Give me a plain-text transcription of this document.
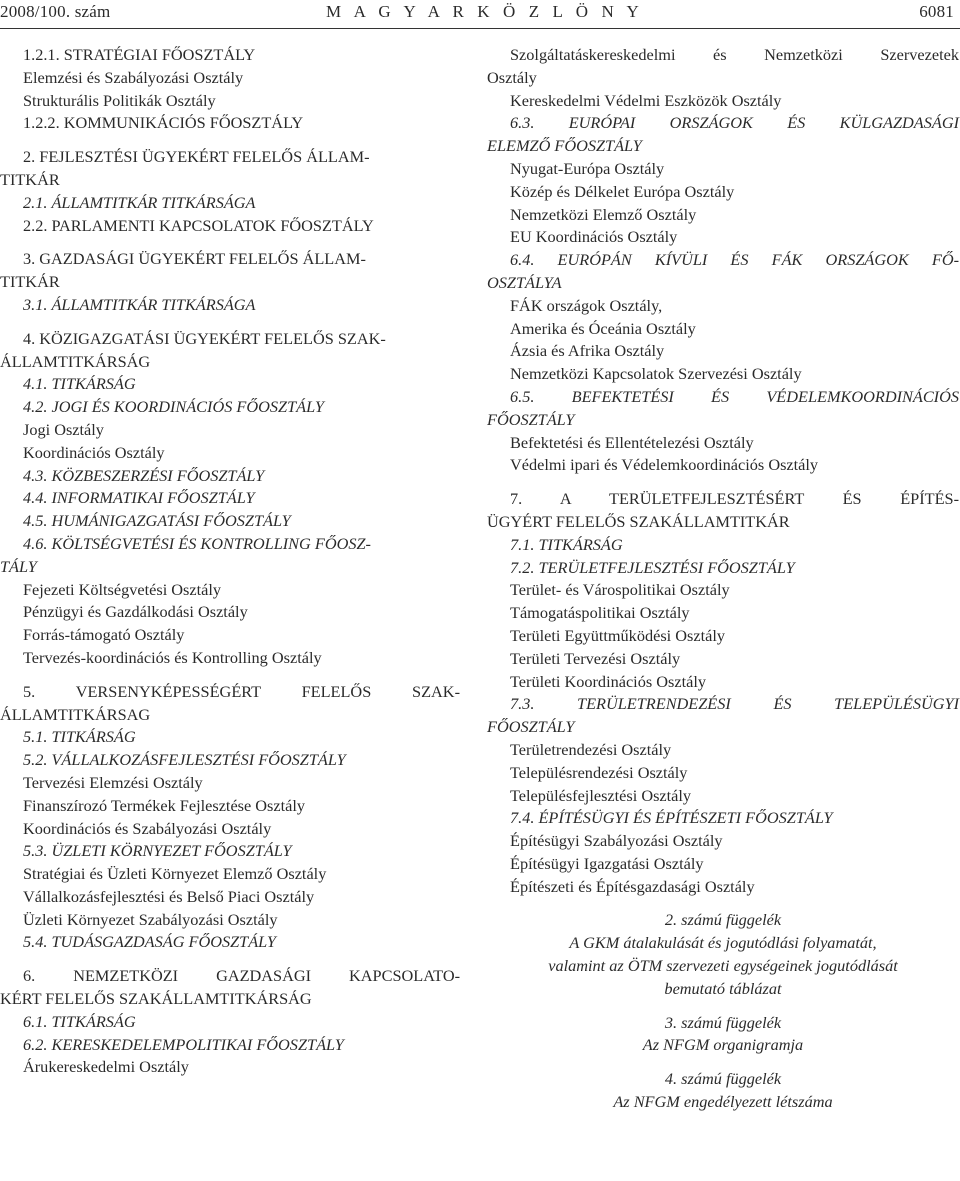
2008/100. szám	M A G Y A R K Ö Z L Ö N Y	6081
1.2.1. STRATÉGIAI FŐOSZTÁLY
Elemzési és Szabályozási Osztály
Strukturális Politikák Osztály
1.2.2. KOMMUNIKÁCIÓS FŐOSZTÁLY
2. FEJLESZTÉSI ÜGYEKÉRT FELELŐS ÁLLAM-
TITKÁR
2.1. ÁLLAMTITKÁR TITKÁRSÁGA
2.2. PARLAMENTI KAPCSOLATOK FŐOSZTÁLY
3. GAZDASÁGI ÜGYEKÉRT FELELŐS ÁLLAM-
TITKÁR
3.1. ÁLLAMTITKÁR TITKÁRSÁGA
4. KÖZIGAZGATÁSI ÜGYEKÉRT FELELŐS SZAK-
ÁLLAMTITKÁRSÁG
4.1. TITKÁRSÁG
4.2. JOGI ÉS KOORDINÁCIÓS FŐOSZTÁLY
Jogi Osztály
Koordinációs Osztály
4.3. KÖZBESZERZÉSI FŐOSZTÁLY
4.4. INFORMATIKAI FŐOSZTÁLY
4.5. HUMÁNIGAZGATÁSI FŐOSZTÁLY
4.6. KÖLTSÉGVETÉSI ÉS KONTROLLING FŐOSZ-
TÁLY
Fejezeti Költségvetési Osztály
Pénzügyi és Gazdálkodási Osztály
Forrás-támogató Osztály
Tervezés-koordinációs és Kontrolling Osztály
5. VERSENYKÉPESSÉGÉRT FELELŐS SZAK-
ÁLLAMTITKÁRSAG
5.1. TITKÁRSÁG
5.2. VÁLLALKOZÁSFEJLESZTÉSI FŐOSZTÁLY
Tervezési Elemzési Osztály
Finanszírozó Termékek Fejlesztése Osztály
Koordinációs és Szabályozási Osztály
5.3. ÜZLETI KÖRNYEZET FŐOSZTÁLY
Stratégiai és Üzleti Környezet Elemző Osztály
Vállalkozásfejlesztési és Belső Piaci Osztály
Üzleti Környezet Szabályozási Osztály
5.4. TUDÁSGAZDASÁG FŐOSZTÁLY
6. NEMZETKÖZI GAZDASÁGI KAPCSOLATO-
KÉRT FELELŐS SZAKÁLLAMTITKÁRSÁG
6.1. TITKÁRSÁG
6.2. KERESKEDELEMPOLITIKAI FŐOSZTÁLY
Árukereskedelmi Osztály
Szolgáltatáskereskedelmi és Nemzetközi Szervezetek
Osztály
Kereskedelmi Védelmi Eszközök Osztály
6.3. EURÓPAI ORSZÁGOK ÉS KÜLGAZDASÁGI
ELEMZŐ FŐOSZTÁLY
Nyugat-Európa Osztály
Közép és Délkelet Európa Osztály
Nemzetközi Elemző Osztály
EU Koordinációs Osztály
6.4. EURÓPÁN KÍVÜLI ÉS FÁK ORSZÁGOK FŐ-
OSZTÁLYA
FÁK országok Osztály,
Amerika és Óceánia Osztály
Ázsia és Afrika Osztály
Nemzetközi Kapcsolatok Szervezési Osztály
6.5. BEFEKTETÉSI ÉS VÉDELEMKOORDINÁCIÓS
FŐOSZTÁLY
Befektetési és Ellentételezési Osztály
Védelmi ipari és Védelemkoordinációs Osztály
7. A TERÜLETFEJLESZTÉSÉRT ÉS ÉPÍTÉS-
ÜGYÉRT FELELŐS SZAKÁLLAMTITKÁR
7.1. TITKÁRSÁG
7.2. TERÜLETFEJLESZTÉSI FŐOSZTÁLY
Terület- és Várospolitikai Osztály
Támogatáspolitikai Osztály
Területi Együttműködési Osztály
Területi Tervezési Osztály
Területi Koordinációs Osztály
7.3. TERÜLETRENDEZÉSI ÉS TELEPÜLÉSÜGYI
FŐOSZTÁLY
Területrendezési Osztály
Településrendezési Osztály
Településfejlesztési Osztály
7.4. ÉPÍTÉSÜGYI ÉS ÉPÍTÉSZETI FŐOSZTÁLY
Építésügyi Szabályozási Osztály
Építésügyi Igazgatási Osztály
Építészeti és Építésgazdasági Osztály
2. számú függelék
A GKM átalakulását és jogutódlási folyamatát,
valamint az ÖTM szervezeti egységeinek jogutódlását
bemutató táblázat
3. számú függelék
Az NFGM organigramja
4. számú függelék
Az NFGM engedélyezett létszáma
